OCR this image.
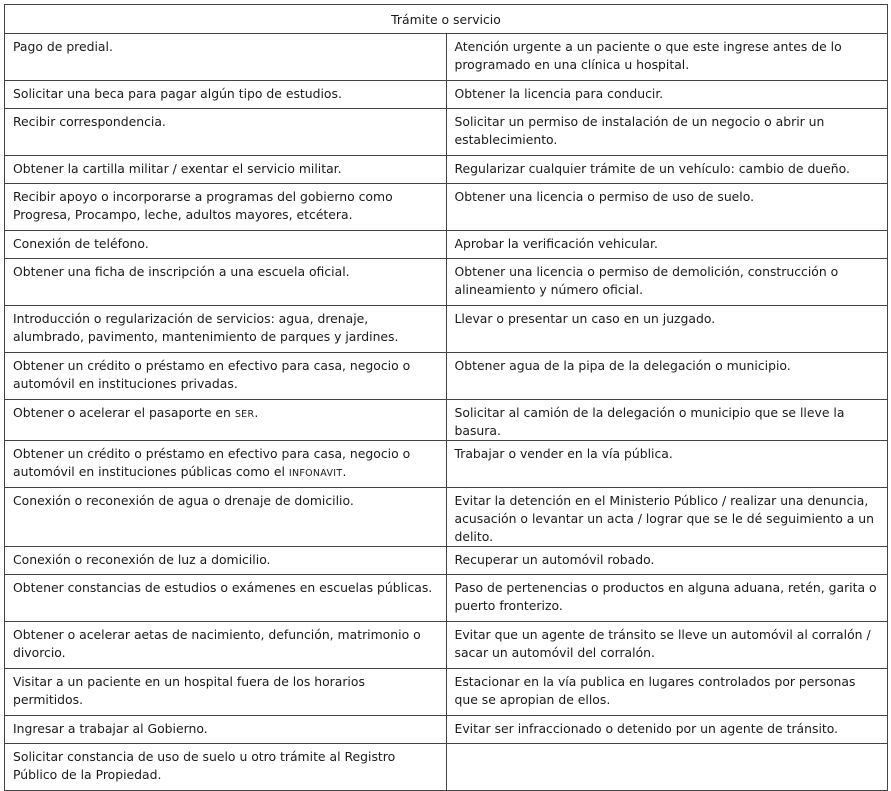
Trámite o servicio	
Pago de predial.	Atención urgente a un paciente o que este ingrese antes de lo programado en una clínica u hospital.
Solicitar una beca para pagar algún tipo de estudios.	Obtener la licencia para conducir.
Recibir correspondencia.	Solicitar un permiso de instalación de un negocio o abrir un establecimiento.
Obtener la cartilla militar / exentar el servicio militar.	Regularizar cualquier trámite de un vehículo: cambio de dueño.
Recibir apoyo o incorporarse a programas del gobierno como Progresa, Procampo, leche, adultos mayores, etcétera.	Obtener una licencia o permiso de uso de suelo.
Conexión de teléfono.	Aprobar la verificación vehicular.
Obtener una ficha de inscripción a una escuela oficial.	Obtener una licencia o permiso de demolición, construcción o alineamiento y número oficial.
Introducción o regularización de servicios: agua, drenaje, alumbrado, pavimento, mantenimiento de parques y jardines.	Llevar o presentar un caso en un juzgado.
Obtener un crédito o préstamo en efectivo para casa, negocio o automóvil en instituciones privadas.	Obtener agua de la pipa de la delegación o municipio.
Obtener o acelerar el pasaporte en SER.	Solicitar al camión de la delegación o municipio que se lleve la basura.
Obtener un crédito o préstamo en efectivo para casa, negocio o automóvil en instituciones públicas como el INFONAVIT.	Trabajar o vender en la vía pública.
Conexión o reconexión de agua o drenaje de domicilio.	Evitar la detención en el Ministerio Público / realizar una denuncia, acusación o levantar un acta / lograr que se le dé seguimiento a un delito.
Conexión o reconexión de luz a domicilio.	Recuperar un automóvil robado.
Obtener constancias de estudios o exámenes en escuelas públicas.	Paso de pertenencias o productos en alguna aduana, retén, garita o puerto fronterizo.
Obtener o acelerar aetas de nacimiento, defunción, matrimonio o divorcio.	Evitar que un agente de tránsito se lleve un automóvil al corralón / sacar un automóvil del corralón.
Visitar a un paciente en un hospital fuera de los horarios permitidos.	Estacionar en la vía publica en lugares controlados por personas que se apropian de ellos.
Ingresar a trabajar al Gobierno.	Evitar ser infraccionado o detenido por un agente de tránsito.
Solicitar constancia de uso de suelo u otro trámite al Registro Público de la Propiedad.	
